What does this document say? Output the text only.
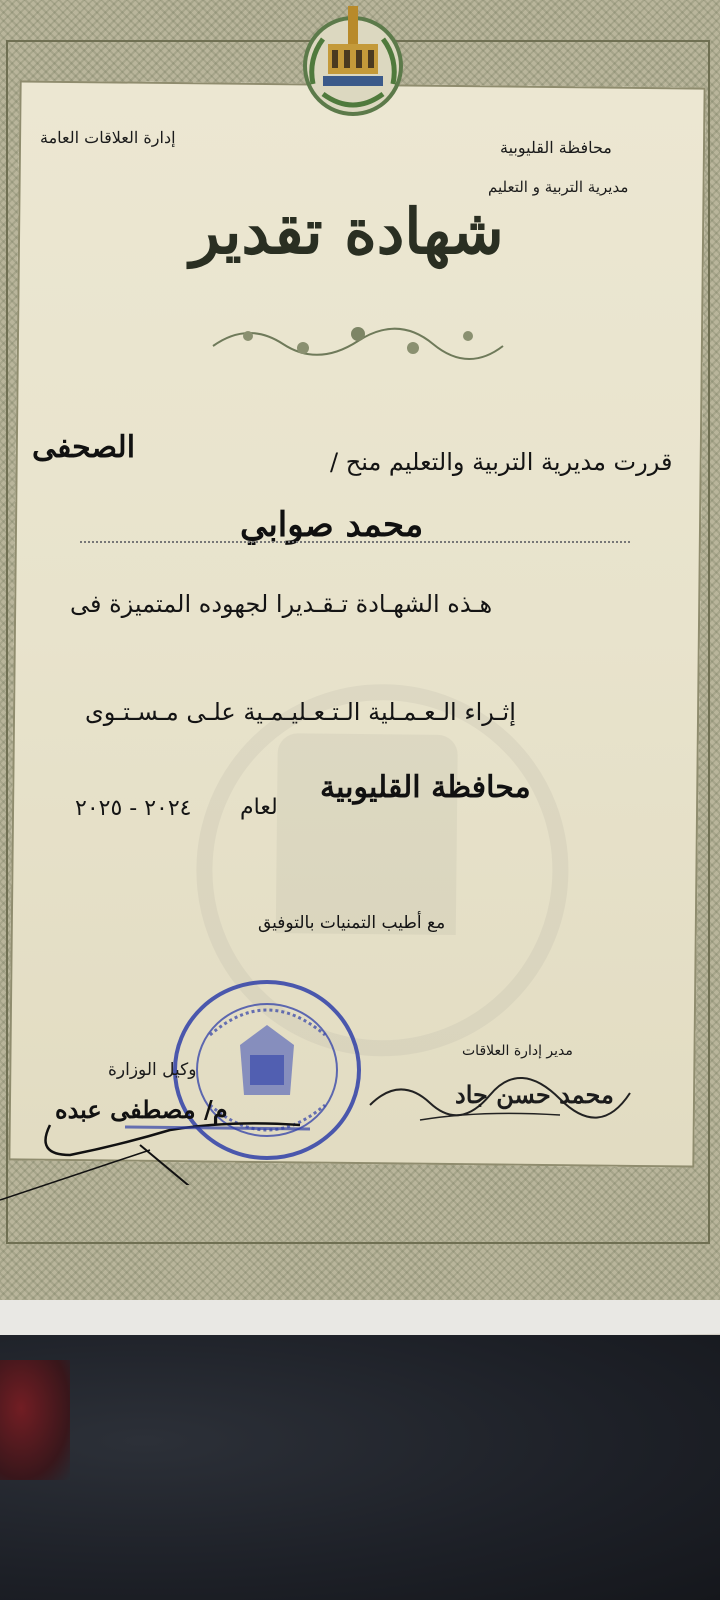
محافظة القليوبية
مديرية التربية و التعليم
إدارة العلاقات العامة
شهادة تقدير
قررت مديرية التربية والتعليم منح /
الصحفى
محمد صوابي
هـذه الشهـادة تـقـديرا لجهوده المتميزة فى
إثـراء الـعـمـلية الـتـعـليـمـية علـى مـسـتـوى
محافظة القليوبية
لعام
٢٠٢٤ - ٢٠٢٥
مع أطيب التمنيات بالتوفيق
مدير إدارة العلاقات
وكيل الوزارة
محمد حسن جاد
م/ مصطفى عبده
